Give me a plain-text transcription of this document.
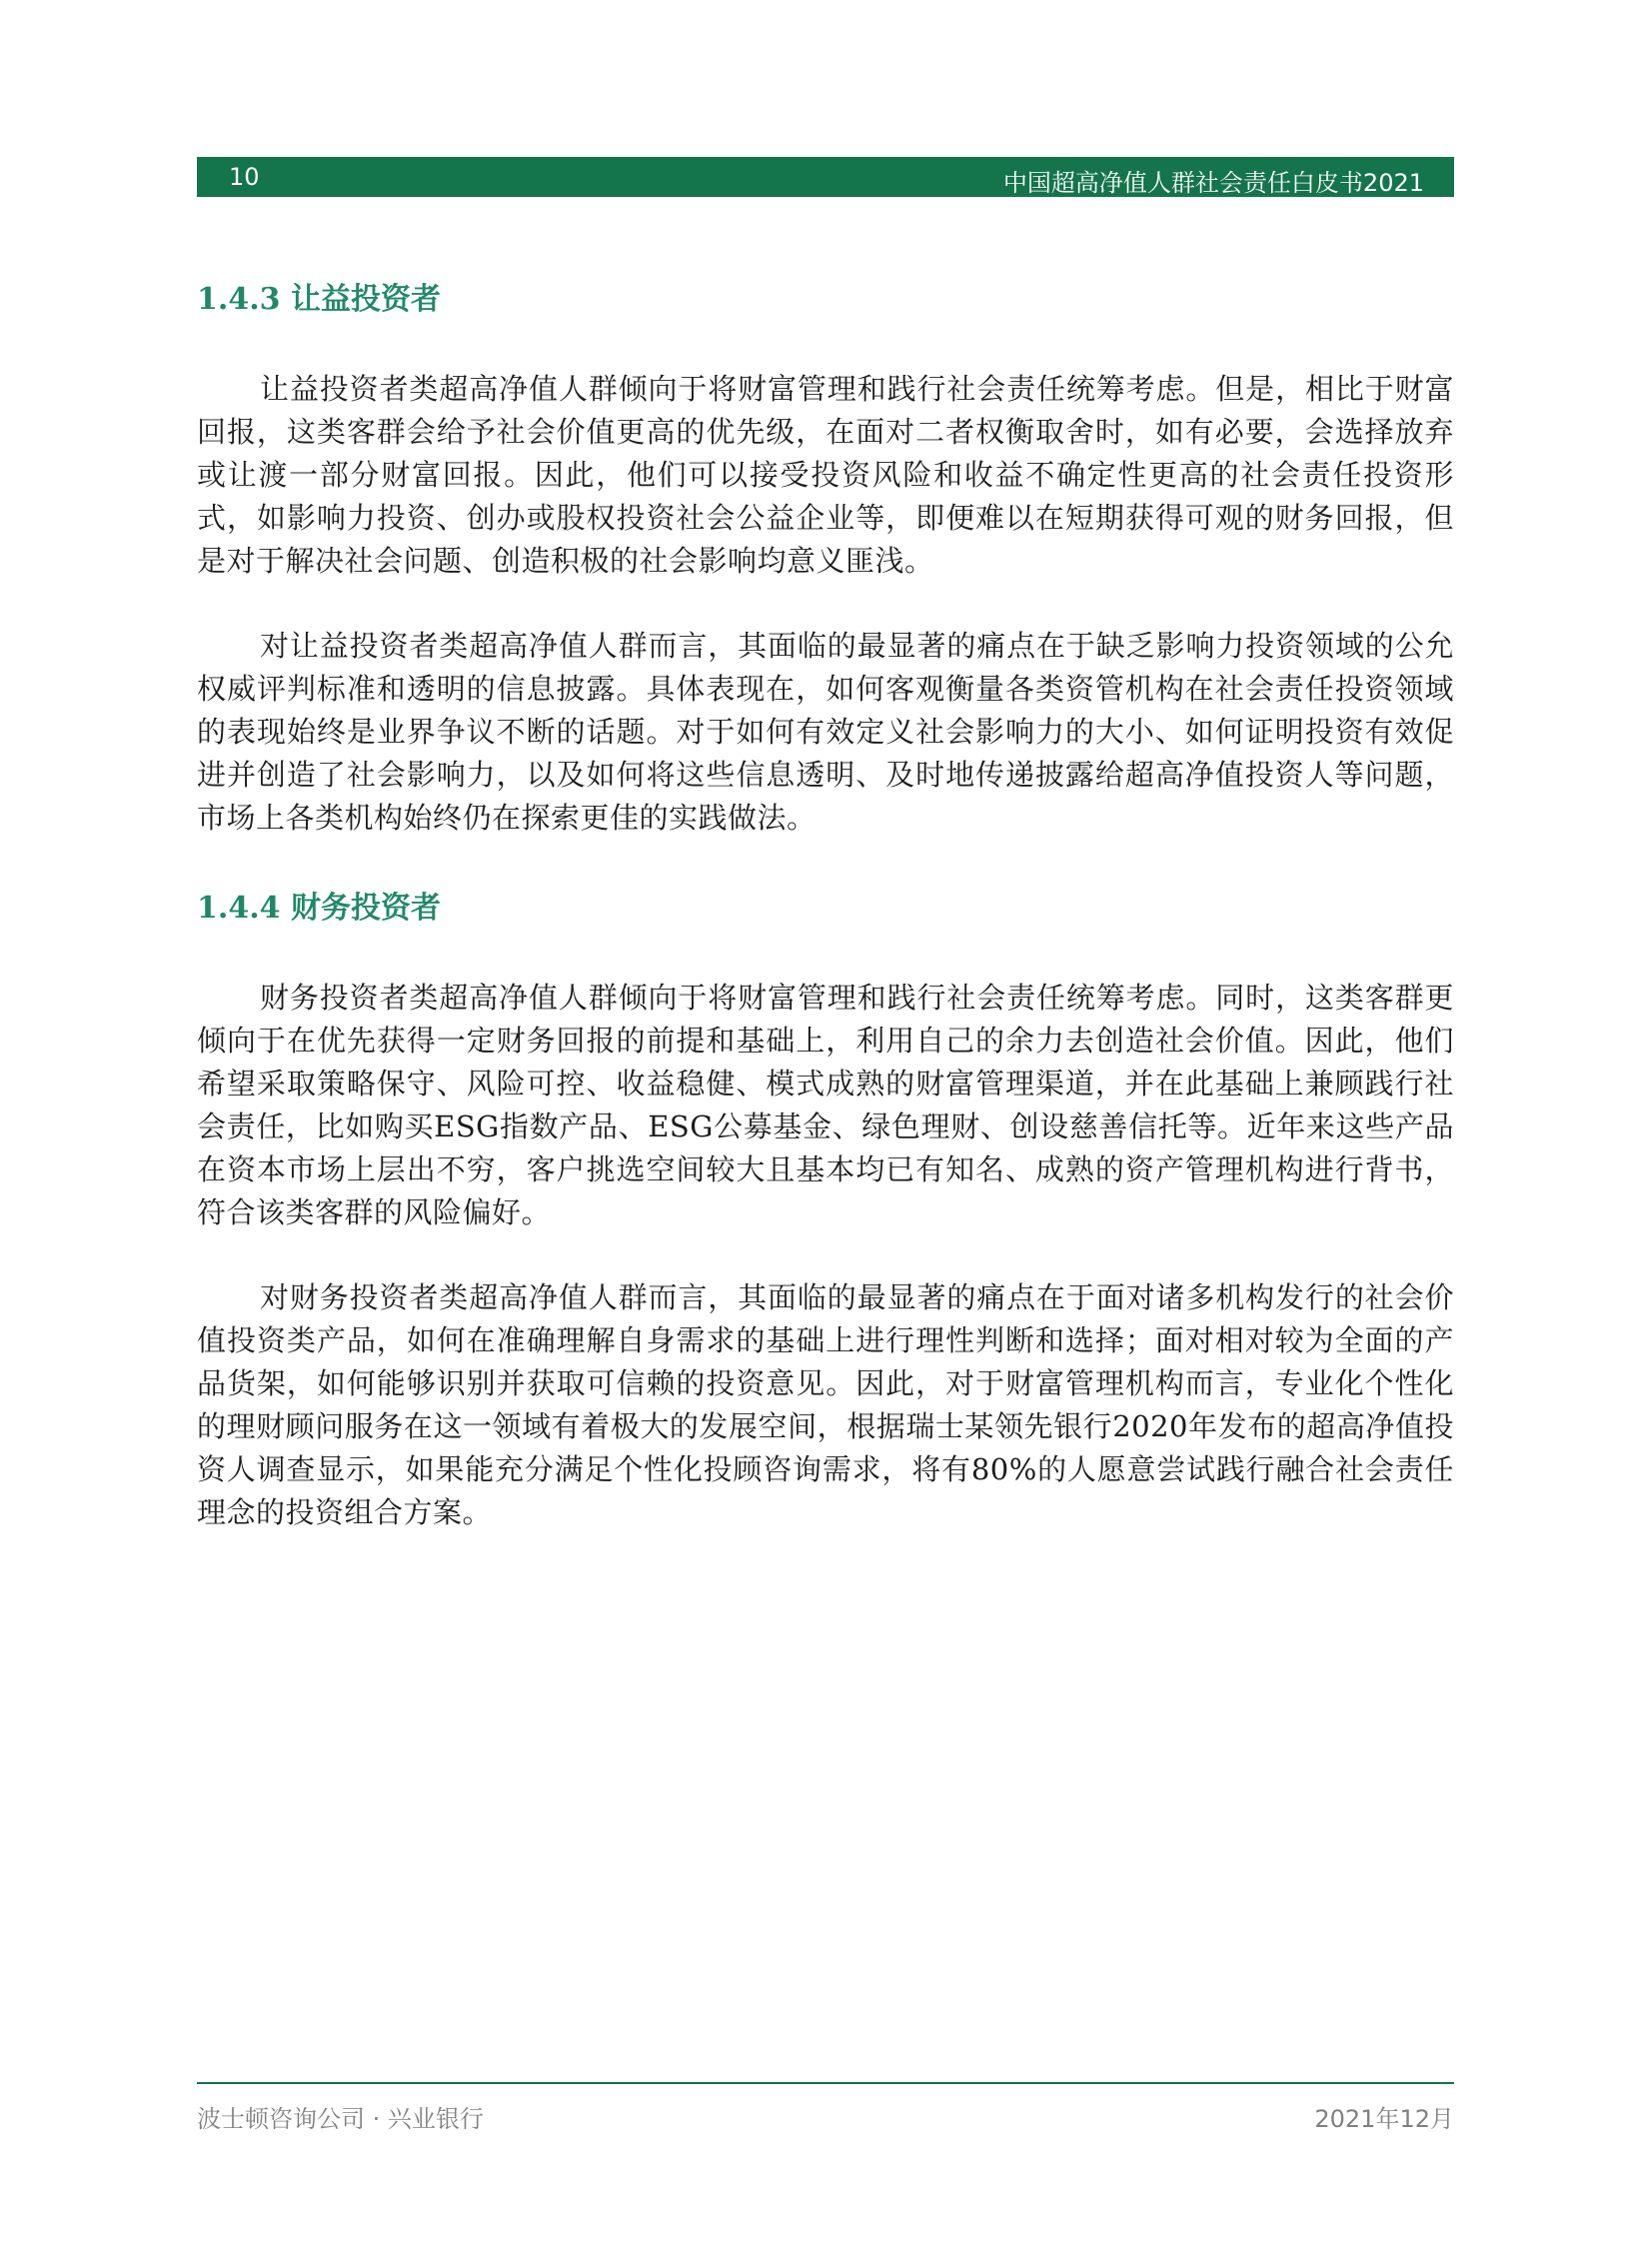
10	中国超高净值人群社会责任白皮书2021
1.4.3 让益投资者

让益投资者类超高净值人群倾向于将财富管理和践行社会责任统筹考虑。但是，相比于财富回报，这类客群会给予社会价值更高的优先级，在面对二者权衡取舍时，如有必要，会选择放弃或让渡一部分财富回报。因此，他们可以接受投资风险和收益不确定性更高的社会责任投资形式，如影响力投资、创办或股权投资社会公益企业等，即便难以在短期获得可观的财务回报，但是对于解决社会问题、创造积极的社会影响均意义匪浅。

对让益投资者类超高净值人群而言，其面临的最显著的痛点在于缺乏影响力投资领域的公允权威评判标准和透明的信息披露。具体表现在，如何客观衡量各类资管机构在社会责任投资领域的表现始终是业界争议不断的话题。对于如何有效定义社会影响力的大小、如何证明投资有效促进并创造了社会影响力，以及如何将这些信息透明、及时地传递披露给超高净值投资人等问题，市场上各类机构始终仍在探索更佳的实践做法。

1.4.4 财务投资者

财务投资者类超高净值人群倾向于将财富管理和践行社会责任统筹考虑。同时，这类客群更倾向于在优先获得一定财务回报的前提和基础上，利用自己的余力去创造社会价值。因此，他们希望采取策略保守、风险可控、收益稳健、模式成熟的财富管理渠道，并在此基础上兼顾践行社会责任，比如购买ESG指数产品、ESG公募基金、绿色理财、创设慈善信托等。近年来这些产品在资本市场上层出不穷，客户挑选空间较大且基本均已有知名、成熟的资产管理机构进行背书，符合该类客群的风险偏好。

对财务投资者类超高净值人群而言，其面临的最显著的痛点在于面对诸多机构发行的社会价值投资类产品，如何在准确理解自身需求的基础上进行理性判断和选择；面对相对较为全面的产品货架，如何能够识别并获取可信赖的投资意见。因此，对于财富管理机构而言，专业化个性化的理财顾问服务在这一领域有着极大的发展空间，根据瑞士某领先银行2020年发布的超高净值投资人调查显示，如果能充分满足个性化投顾咨询需求，将有80%的人愿意尝试践行融合社会责任理念的投资组合方案。

波士顿咨询公司 · 兴业银行	2021年12月
